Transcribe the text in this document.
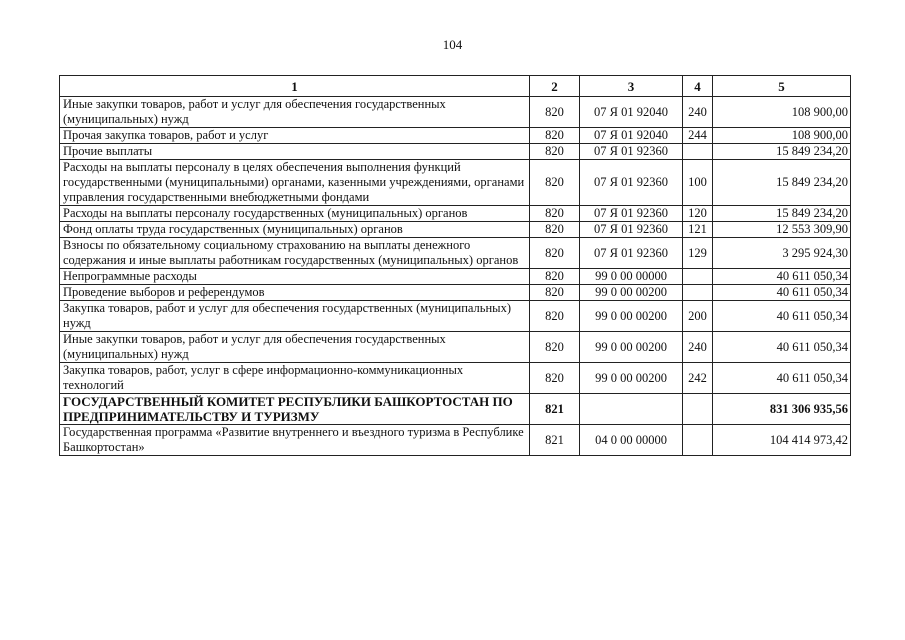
104
1	2	3	4	5
Иные закупки товаров, работ и услуг для обеспечения государственных (муниципальных) нужд	820	07 Я 01 92040	240	108 900,00
Прочая закупка товаров, работ и услуг	820	07 Я 01 92040	244	108 900,00
Прочие выплаты	820	07 Я 01 92360		15 849 234,20
Расходы на выплаты персоналу в целях обеспечения выполнения функций государственными (муниципальными) органами, казенными учреждениями, органами управления государственными внебюджетными фондами	820	07 Я 01 92360	100	15 849 234,20
Расходы на выплаты персоналу государственных (муниципальных) органов	820	07 Я 01 92360	120	15 849 234,20
Фонд оплаты труда государственных (муниципальных) органов	820	07 Я 01 92360	121	12 553 309,90
Взносы по обязательному социальному страхованию на выплаты денежного содержания и иные выплаты работникам государственных (муниципальных) органов	820	07 Я 01 92360	129	3 295 924,30
Непрограммные расходы	820	99 0 00 00000		40 611 050,34
Проведение выборов и референдумов	820	99 0 00 00200		40 611 050,34
Закупка товаров, работ и услуг для обеспечения государственных (муниципальных) нужд	820	99 0 00 00200	200	40 611 050,34
Иные закупки товаров, работ и услуг для обеспечения государственных (муниципальных) нужд	820	99 0 00 00200	240	40 611 050,34
Закупка товаров, работ, услуг в сфере информационно-коммуникационных технологий	820	99 0 00 00200	242	40 611 050,34
ГОСУДАРСТВЕННЫЙ КОМИТЕТ РЕСПУБЛИКИ БАШКОРТОСТАН ПО ПРЕДПРИНИМАТЕЛЬСТВУ И ТУРИЗМУ	821			831 306 935,56
Государственная программа «Развитие внутреннего и въездного туризма в Республике Башкортостан»	821	04 0 00 00000		104 414 973,42
